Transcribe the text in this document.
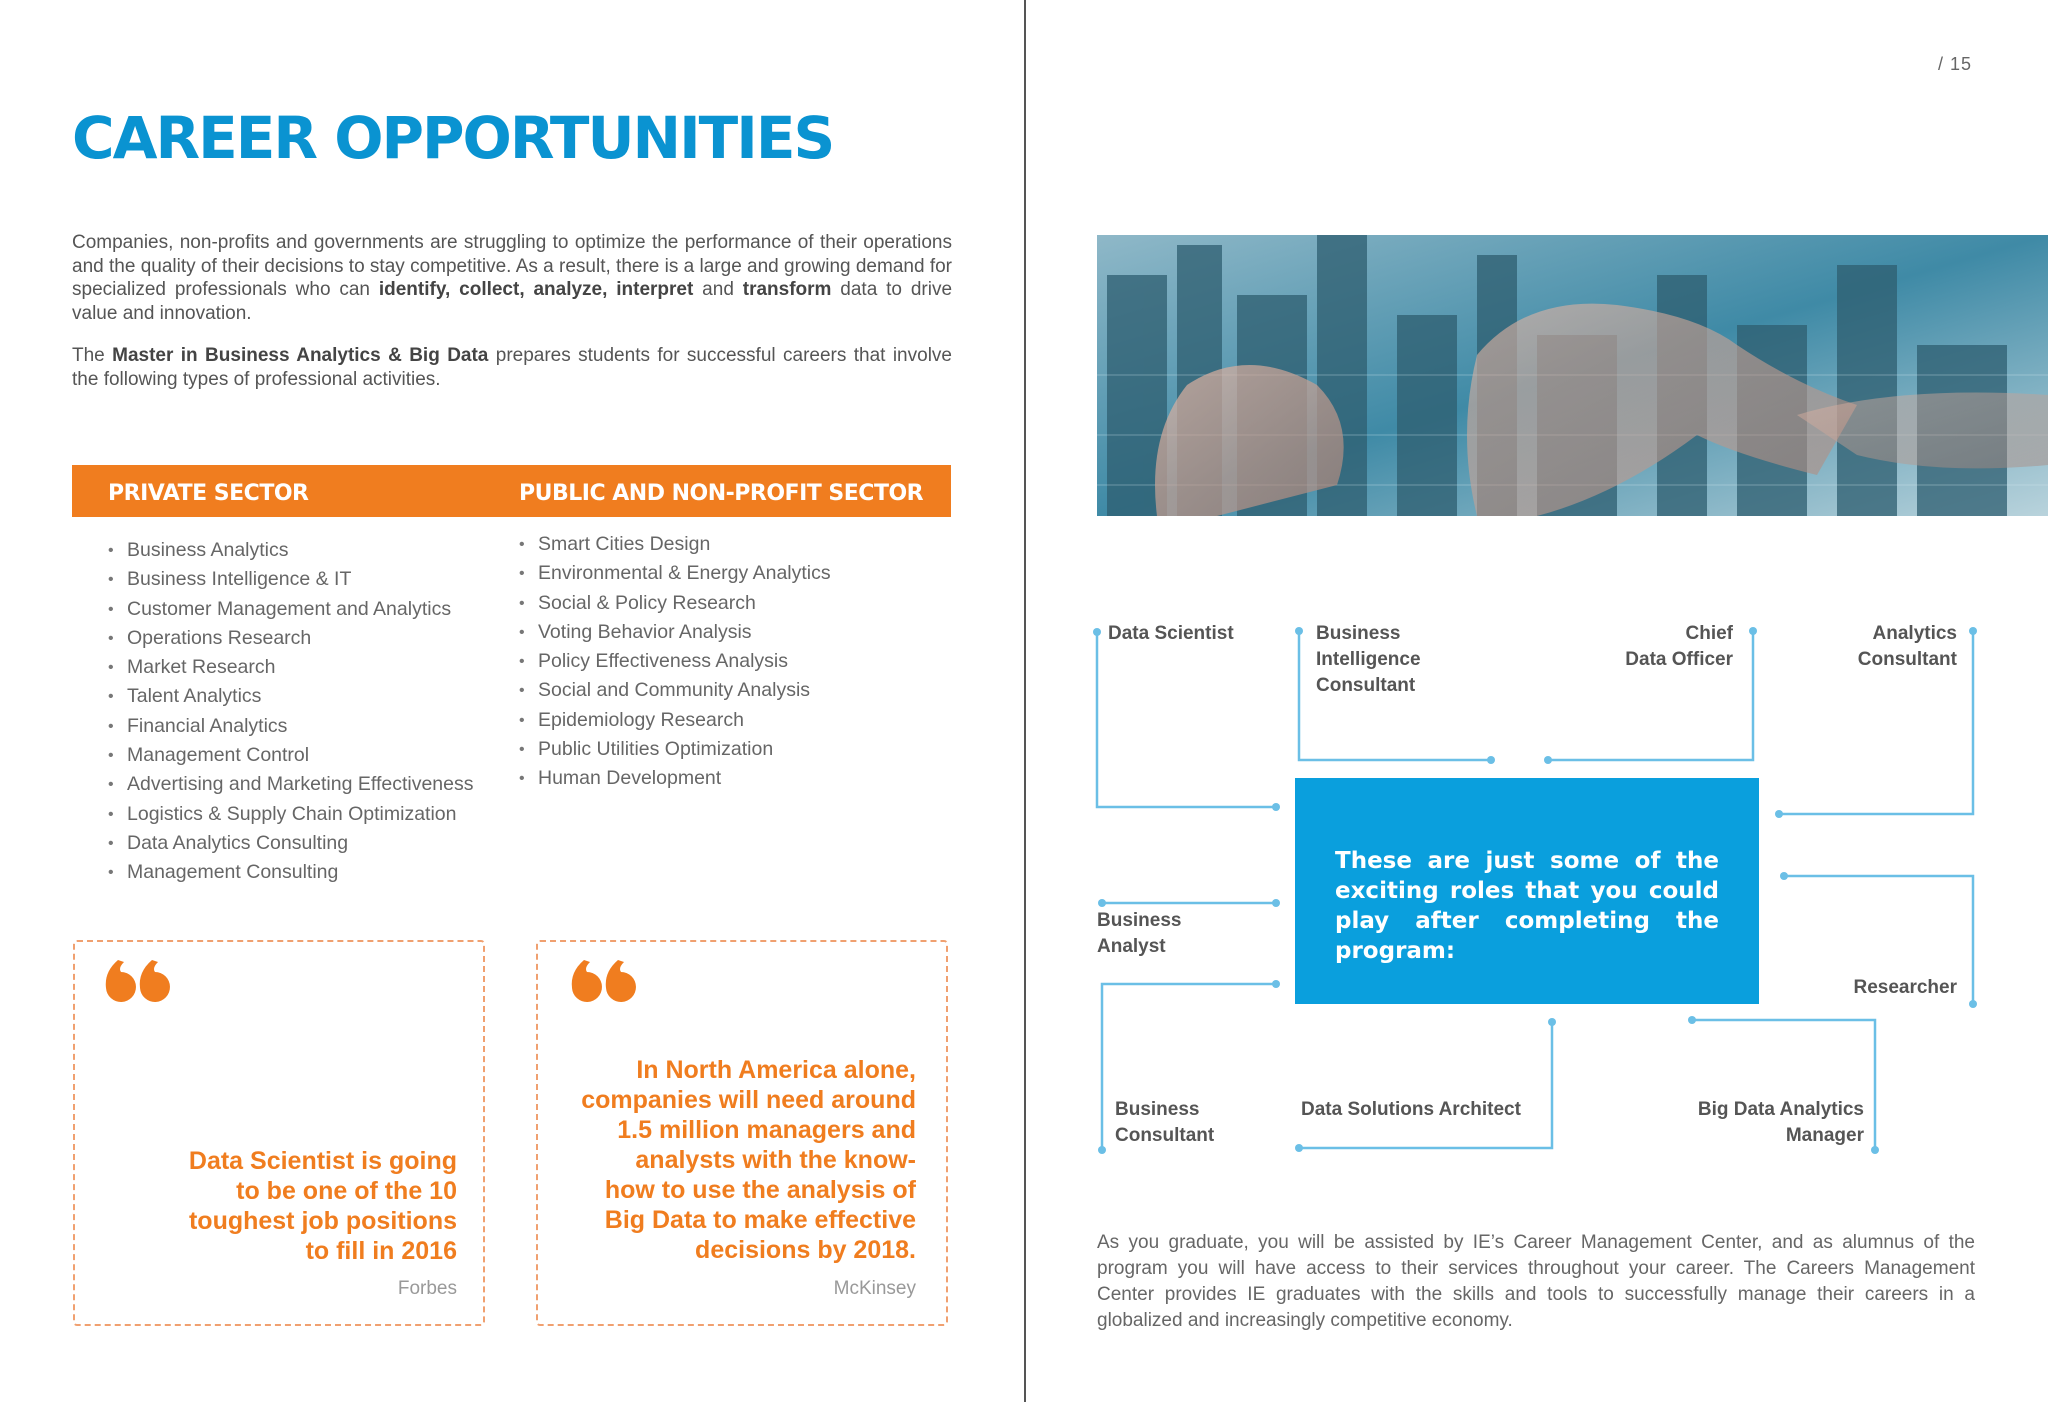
/ 15
CAREER OPPORTUNITIES

Companies, non-profits and governments are struggling to optimize the performance of their operations and the quality of their decisions to stay competitive. As a result, there is a large and growing demand for specialized professionals who can identify, collect, analyze, interpret and transform data to drive value and innovation.

The Master in Business Analytics & Big Data prepares students for successful careers that involve the following types of professional activities.

PRIVATE SECTOR	PUBLIC AND NON-PROFIT SECTOR
• Business Analytics
• Business Intelligence & IT
• Customer Management and Analytics
• Operations Research
• Market Research
• Talent Analytics
• Financial Analytics
• Management Control
• Advertising and Marketing Effectiveness
• Logistics & Supply Chain Optimization
• Data Analytics Consulting
• Management Consulting
• Smart Cities Design
• Environmental & Energy Analytics
• Social & Policy Research
• Voting Behavior Analysis
• Policy Effectiveness Analysis
• Social and Community Analysis
• Epidemiology Research
• Public Utilities Optimization
• Human Development

Data Scientist is going
to be one of the 10
toughest job positions
to fill in 2016

Forbes

In North America alone,
companies will need around
1.5 million managers and
analysts with the know-
how to use the analysis of
Big Data to make effective
decisions by 2018.

McKinsey

These are just some of the exciting roles that you could play after completing the program:

Data Scientist	Business
Intelligence
Consultant

Chief
Data Officer

Analytics
Consultant

Business
Analyst

Researcher

Business
Consultant

Data Solutions Architect	Big Data Analytics
Manager

As you graduate, you will be assisted by IE’s Career Management Center, and as alumnus of the program you will have access to their services throughout your career. The Careers Management Center provides IE graduates with the skills and tools to successfully manage their careers in a globalized and increasingly competitive economy.
